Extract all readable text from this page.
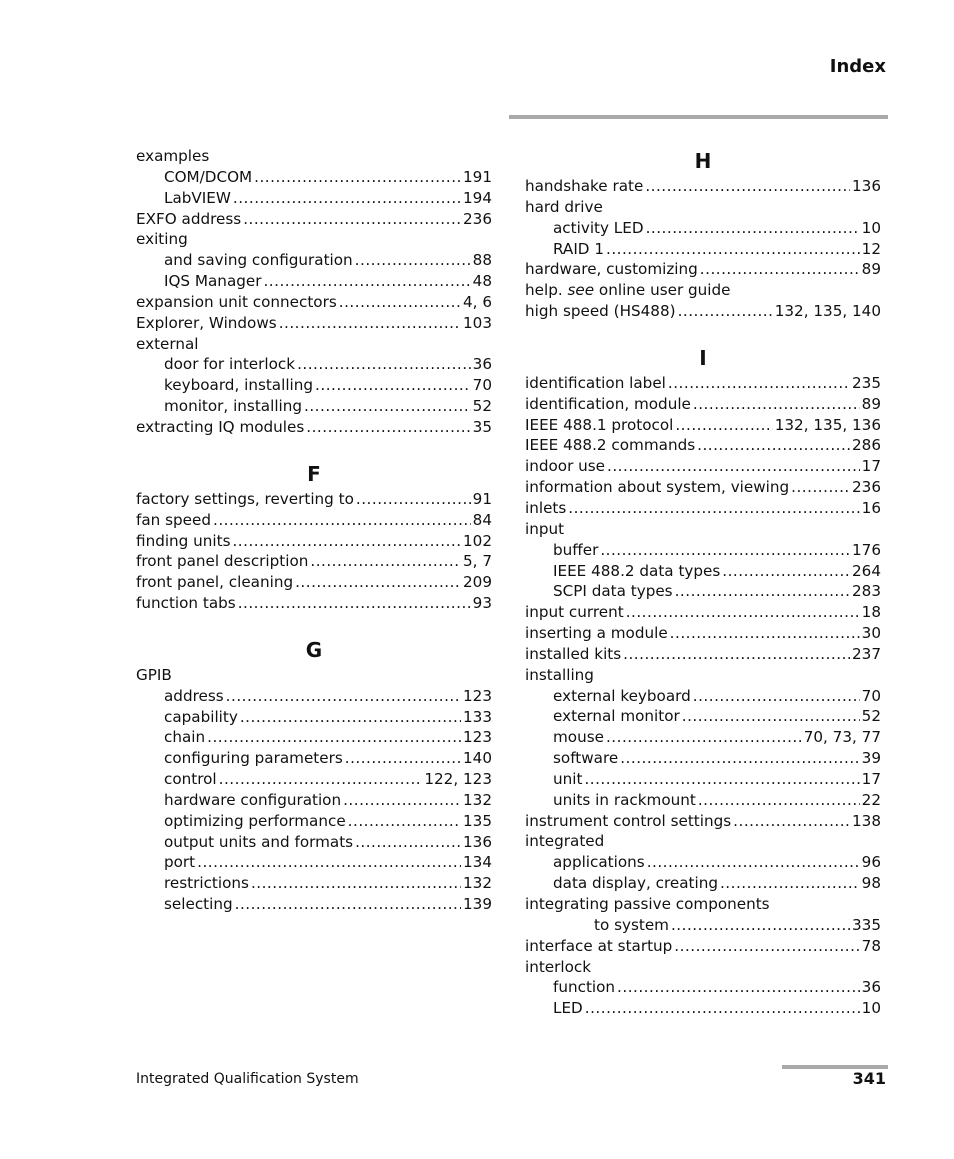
Index
examples
COM/DCOM .....	191
LabVIEW .....	194
EXFO address .....	236
exiting
and saving configuration .....	88
IQS Manager .....	48
expansion unit connectors .....	4, 6
Explorer, Windows .....	103
external
door for interlock .....	36
keyboard, installing .....	70
monitor, installing .....	52
extracting IQ modules .....	35
F
factory settings, reverting to .....	91
fan speed .....	84
finding units .....	102
front panel description .....	5, 7
front panel, cleaning .....	209
function tabs .....	93
G
GPIB
address .....	123
capability .....	133
chain .....	123
configuring parameters .....	140
control .....	122, 123
hardware configuration .....	132
optimizing performance .....	135
output units and formats .....	136
port .....	134
restrictions .....	132
selecting .....	139
H
handshake rate .....	136
hard drive
activity LED .....	10
RAID 1 .....	12
hardware, customizing .....	89
help. see online user guide
high speed (HS488) .....	132, 135, 140
I
identification label .....	235
identification, module .....	89
IEEE 488.1 protocol .....	132, 135, 136
IEEE 488.2 commands .....	286
indoor use .....	17
information about system, viewing .....	236
inlets .....	16
input
buffer .....	176
IEEE 488.2 data types .....	264
SCPI data types .....	283
input current .....	18
inserting a module .....	30
installed kits .....	237
installing
external keyboard .....	70
external monitor .....	52
mouse .....	70, 73, 77
software .....	39
unit .....	17
units in rackmount .....	22
instrument control settings .....	138
integrated
applications .....	96
data display, creating .....	98
integrating passive components
to system .....	335
interface at startup .....	78
interlock
function .....	36
LED .....	10
Integrated Qualification System	341
